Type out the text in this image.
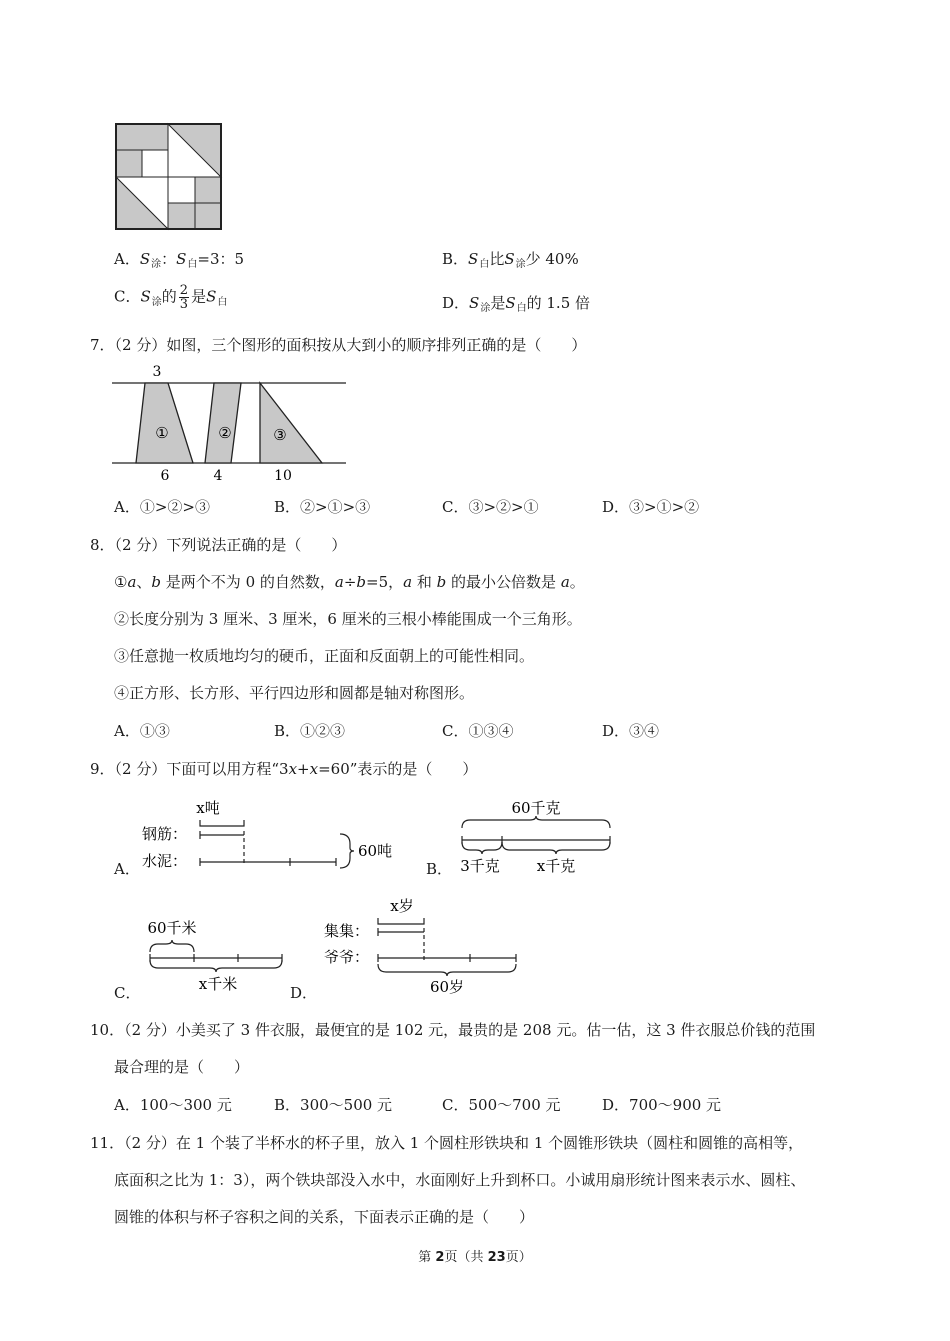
A．$S_涂$：$S_白=3$：5	B．$S_白$比$S_涂$少 40%
C．$S_涂$的 $\frac{2}{3}$ 是$S_白$	D．$S_涂$是$S_白$的 1.5 倍
7．（2 分）如图，三个图形的面积按从大到小的顺序排列正确的是（　　）
3
①	②	③
6	4	10
A．①>②>③	B．②>①>③	C．③>②>①	D．③>①>②
8．（2 分）下列说法正确的是（　　）
①a、b 是两个不为 0 的自然数，a÷b=5，a 和 b 的最小公倍数是 a。
②长度分别为 3 厘米、3 厘米，6 厘米的三根小棒能围成一个三角形。
③任意抛一枚质地均匀的硬币，正面和反面朝上的可能性相同。
④正方形、长方形、平行四边形和圆都是轴对称图形。
A．①③	B．①②③	C．①③④	D．③④
9．（2 分）下面可以用方程“3x+x=60”表示的是（　　）
A．
x吨
钢筋：
水泥：
60吨
B．
60千克
3千克 x千克
C．
60千米
x千米	D．
x岁
集集：
爷爷：
60岁
10．（2 分）小美买了 3 件衣服，最便宜的是 102 元，最贵的是 208 元。估一估，这 3 件衣服总价钱的范围
最合理的是（　　）
A．100～300 元	B．300～500 元	C．500～700 元	D．700～900 元
11．（2 分）在 1 个装了半杯水的杯子里，放入 1 个圆柱形铁块和 1 个圆锥形铁块（圆柱和圆锥的高相等，
底面积之比为 1：3），两个铁块部没入水中，水面刚好上升到杯口。小诚用扇形统计图来表示水、圆柱、
圆锥的体积与杯子容积之间的关系，下面表示正确的是（　　）
第 2页（共 23页）
